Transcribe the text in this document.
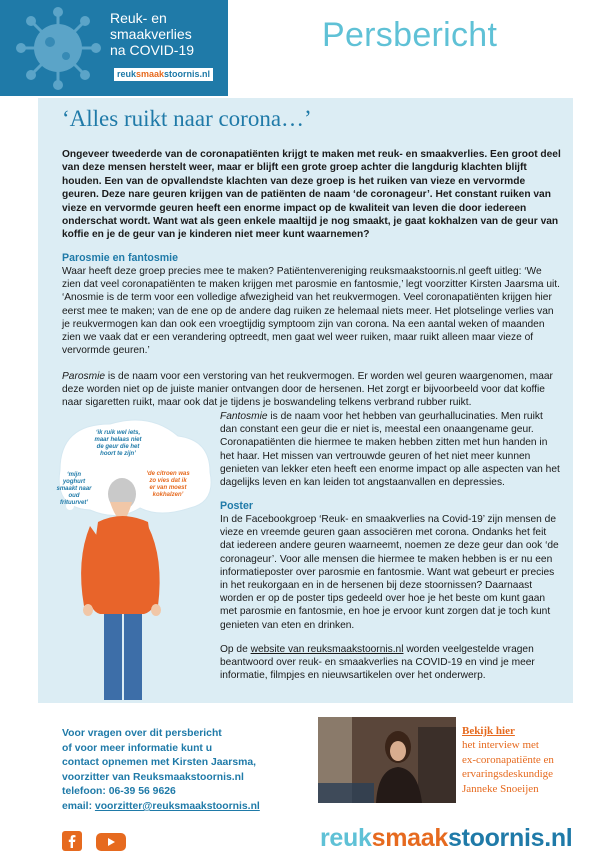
Reuk- en
smaakverlies
na COVID-19
reuksmaakstoornis.nl
Persbericht
‘Alles ruikt naar corona…’

Ongeveer tweederde van de coronapatiënten krijgt te maken met reuk- en smaakverlies. Een groot deel van deze mensen herstelt weer, maar er blijft een grote groep achter die langdurig klachten blijft houden. Een van de opvallendste klachten van deze groep is het ruiken van vieze en vervormde geuren. Deze nare geuren krijgen van de patiënten de naam ‘de coronageur’. Het constant ruiken van vieze en vervormde geuren heeft een enorme impact op de kwaliteit van leven die door iedereen onderschat wordt. Want wat als geen enkele maaltijd je nog smaakt, je gaat kokhalzen van de geur van koffie en je de geur van je kinderen niet meer kunt waarnemen?

Parosmie en fantosmie

Waar heeft deze groep precies mee te maken? Patiëntenvereniging reuksmaakstoornis.nl geeft uitleg: ‘We zien dat veel coronapatiënten te maken krijgen met parosmie en fantosmie,’ legt voorzitter Kirsten Jaarsma uit. ‘Anosmie is de term voor een volledige afwezigheid van het reukvermogen. Veel coronapatiënten krijgen hier eerst mee te maken; van de ene op de andere dag ruiken ze helemaal niets meer. Het plotselinge verlies van je reukvermogen kan dan ook een vroegtijdig symptoom zijn van corona. Na een aantal weken of maanden zien we vaak dat er een verandering optreedt, men gaat wel weer ruiken, maar ruikt alleen maar vieze of vervormde geuren.’

Parosmie is de naam voor een verstoring van het reukvermogen. Er worden wel geuren waargenomen, maar deze worden niet op de juiste manier ontvangen door de hersenen. Het zorgt er bijvoorbeeld voor dat koffie naar sigaretten ruikt, maar ook dat je tijdens je boswandeling telkens verbrand rubber ruikt.

Fantosmie is de naam voor het hebben van geurhallucinaties. Men ruikt dan constant een geur die er niet is, meestal een onaangename geur. Coronapatiënten die hiermee te maken hebben zitten met hun handen in het haar. Het missen van vertrouwde geuren of het niet meer kunnen genieten van lekker eten heeft een enorme impact op alle aspecten van het dagelijks leven en kan leiden tot angstaanvallen en depressies.

Poster

In de Facebookgroep ‘Reuk- en smaakverlies na Covid-19’ zijn mensen de vieze en vreemde geuren gaan associëren met corona. Ondanks het feit dat iedereen andere geuren waarneemt, noemen ze deze geur dan ook ‘de coronageur’. Voor alle mensen die hiermee te maken hebben is er nu een informatieposter over parosmie en fantosmie. Want wat gebeurt er precies in het reukorgaan en in de hersenen bij deze stoornissen? Daarnaast worden er op de poster tips gedeeld over hoe je het beste om kunt gaan met parosmie en fantosmie, en hoe je ervoor kunt zorgen dat je toch kunt genieten van eten en drinken.

Op de website van reuksmaakstoornis.nl worden veelgestelde vragen beantwoord over reuk- en smaakverlies na COVID-19 en vind je meer informatie, filmpjes en nieuwsartikelen over het onderwerp.

‘ik ruik wel iets, maar helaas niet de geur die het hoort te zijn’
‘de citroen was zo vies dat ik er van moest kokhalzen’
‘mijn yoghurt smaakt naar oud frituurvet’
Voor vragen over dit persbericht
of voor meer informatie kunt u
contact opnemen met Kirsten Jaarsma,
voorzitter van Reuksmaakstoornis.nl
telefoon: 06-39 56 9626
email: voorzitter@reuksmaakstoornis.nl
Bekijk hier
het interview met
ex-coronapatiënte en
ervaringsdeskundige
Janneke Snoeijen
reuksmaakstoornis.nl
